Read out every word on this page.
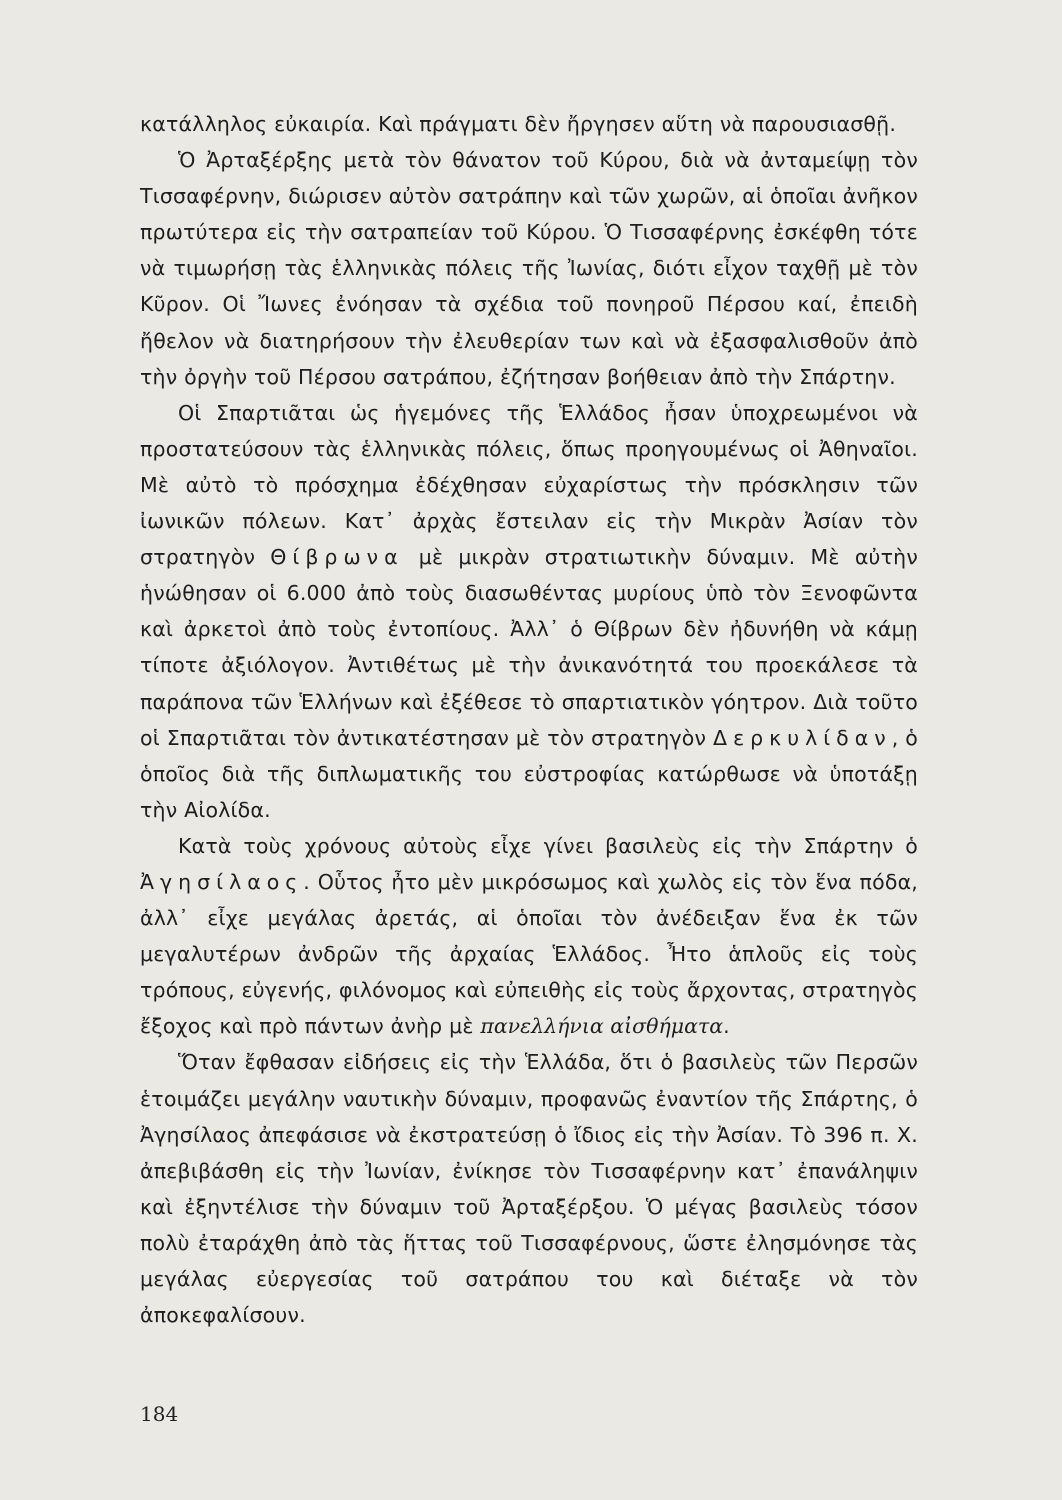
κατάλληλος εὐκαιρία. Καὶ πράγματι δὲν ἤργησεν αὕτη νὰ παρουσιασθῇ.

Ὁ Ἀρταξέρξης μετὰ τὸν θάνατον τοῦ Κύρου, διὰ νὰ ἀνταμείψῃ τὸν Τισσαφέρνην, διώρισεν αὐτὸν σατράπην καὶ τῶν χωρῶν, αἱ ὁποῖαι ἀνῆκον πρωτύτερα εἰς τὴν σατραπείαν τοῦ Κύρου. Ὁ Τισσαφέρνης ἐσκέφθη τότε νὰ τιμωρήσῃ τὰς ἑλληνικὰς πόλεις τῆς Ἰωνίας, διότι εἶχον ταχθῇ μὲ τὸν Κῦρον. Οἱ Ἴωνες ἐνόησαν τὰ σχέδια τοῦ πονηροῦ Πέρσου καί, ἐπειδὴ ἤθελον νὰ διατηρήσουν τὴν ἐλευθερίαν των καὶ νὰ ἐξασφαλισθοῦν ἀπὸ τὴν ὀργὴν τοῦ Πέρσου σατράπου, ἐζήτησαν βοήθειαν ἀπὸ τὴν Σπάρτην.

Οἱ Σπαρτιᾶται ὡς ἡγεμόνες τῆς Ἑλλάδος ἦσαν ὑποχρεωμένοι νὰ προστατεύσουν τὰς ἑλληνικὰς πόλεις, ὅπως προηγουμένως οἱ Ἀθηναῖοι. Μὲ αὐτὸ τὸ πρόσχημα ἐδέχθησαν εὐχαρίστως τὴν πρόσκλησιν τῶν ἰωνικῶν πόλεων. Κατ᾽ ἀρχὰς ἔστειλαν εἰς τὴν Μικρὰν Ἀσίαν τὸν στρατηγὸν Θίβρωνα μὲ μικρὰν στρατιωτικὴν δύναμιν. Μὲ αὐτὴν ἡνώθησαν οἱ 6.000 ἀπὸ τοὺς διασωθέντας μυρίους ὑπὸ τὸν Ξενοφῶντα καὶ ἀρκετοὶ ἀπὸ τοὺς ἐντοπίους. Ἀλλ᾽ ὁ Θίβρων δὲν ἠδυνήθη νὰ κάμῃ τίποτε ἀξιόλογον. Ἀντιθέτως μὲ τὴν ἀνικανότητά του προεκάλεσε τὰ παράπονα τῶν Ἑλλήνων καὶ ἐξέθεσε τὸ σπαρτιατικὸν γόητρον. Διὰ τοῦτο οἱ Σπαρτιᾶται τὸν ἀντικατέστησαν μὲ τὸν στρατηγὸν Δερκυλίδαν, ὁ ὁποῖος διὰ τῆς διπλωματικῆς του εὐστροφίας κατώρθωσε νὰ ὑποτάξῃ τὴν Αἰολίδα.

Κατὰ τοὺς χρόνους αὐτοὺς εἶχε γίνει βασιλεὺς εἰς τὴν Σπάρτην ὁ Ἀγησίλαος. Οὗτος ἦτο μὲν μικρόσωμος καὶ χωλὸς εἰς τὸν ἕνα πόδα, ἀλλ᾽ εἶχε μεγάλας ἀρετάς, αἱ ὁποῖαι τὸν ἀνέδειξαν ἕνα ἐκ τῶν μεγαλυτέρων ἀνδρῶν τῆς ἀρχαίας Ἑλλάδος. Ἦτο ἁπλοῦς εἰς τοὺς τρόπους, εὐγενής, φιλόνομος καὶ εὐπειθὴς εἰς τοὺς ἄρχοντας, στρατηγὸς ἔξοχος καὶ πρὸ πάντων ἀνὴρ μὲ πανελλήνια αἰσθήματα.

Ὅταν ἔφθασαν εἰδήσεις εἰς τὴν Ἑλλάδα, ὅτι ὁ βασιλεὺς τῶν Περσῶν ἑτοιμάζει μεγάλην ναυτικὴν δύναμιν, προφανῶς ἐναντίον τῆς Σπάρτης, ὁ Ἀγησίλαος ἀπεφάσισε νὰ ἐκστρατεύσῃ ὁ ἴδιος εἰς τὴν Ἀσίαν. Τὸ 396 π. Χ. ἀπεβιβάσθη εἰς τὴν Ἰωνίαν, ἐνίκησε τὸν Τισσαφέρνην κατ᾽ ἐπανάληψιν καὶ ἐξηντέλισε τὴν δύναμιν τοῦ Ἀρταξέρξου. Ὁ μέγας βασιλεὺς τόσον πολὺ ἐταράχθη ἀπὸ τὰς ἥττας τοῦ Τισσαφέρνους, ὥστε ἐλησμόνησε τὰς μεγάλας εὐεργεσίας τοῦ σατράπου του καὶ διέταξε νὰ τὸν ἀποκεφαλίσουν.

184
